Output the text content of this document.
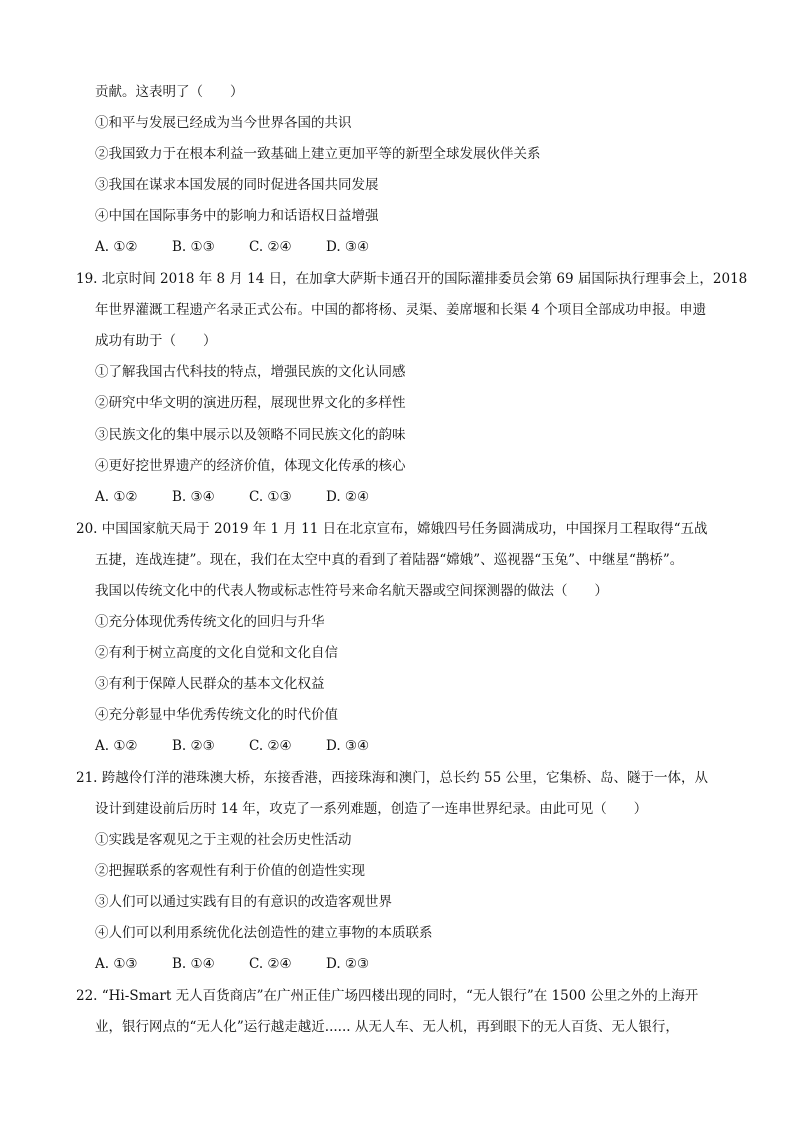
贡献。这表明了（　　）
①和平与发展已经成为当今世界各国的共识
②我国致力于在根本利益一致基础上建立更加平等的新型全球发展伙伴关系
③我国在谋求本国发展的同时促进各国共同发展
④中国在国际事务中的影响力和话语权日益增强
A. ①②	B. ①③	C. ②④	D. ③④
19. 北京时间 2018 年 8 月 14 日，在加拿大萨斯卡通召开的国际灌排委员会第 69 届国际执行理事会上，2018
年世界灌溉工程遗产名录正式公布。中国的都将杨、灵渠、姜席堰和长渠 4 个项目全部成功申报。申遗
成功有助于（　　）
①了解我国古代科技的特点，增强民族的文化认同感
②研究中华文明的演进历程，展现世界文化的多样性
③民族文化的集中展示以及领略不同民族文化的韵味
④更好挖世界遗产的经济价值，体现文化传承的核心
A. ①②	B. ③④	C. ①③	D. ②④
20. 中国国家航天局于 2019 年 1 月 11 日在北京宣布，嫦娥四号任务圆满成功，中国探月工程取得“五战
五捷，连战连捷”。现在，我们在太空中真的看到了着陆器“嫦娥”、巡视器“玉兔”、中继星“鹊桥”。
我国以传统文化中的代表人物或标志性符号来命名航天器或空间探测器的做法（　　）
①充分体现优秀传统文化的回归与升华
②有利于树立高度的文化自觉和文化自信
③有利于保障人民群众的基本文化权益
④充分彰显中华优秀传统文化的时代价值
A. ①②	B. ②③	C. ②④	D. ③④
21. 跨越伶仃洋的港珠澳大桥，东接香港，西接珠海和澳门，总长约 55 公里，它集桥、岛、隧于一体，从
设计到建设前后历时 14 年，攻克了一系列难题，创造了一连串世界纪录。由此可见（　　）
①实践是客观见之于主观的社会历史性活动
②把握联系的客观性有利于价值的创造性实现
③人们可以通过实践有目的有意识的改造客观世界
④人们可以利用系统优化法创造性的建立事物的本质联系
A. ①③	B. ①④	C. ②④	D. ②③
22. “Hi-Smart 无人百货商店”在广州正佳广场四楼出现的同时，“无人银行”在 1500 公里之外的上海开
业，银行网点的“无人化”运行越走越近...... 从无人车、无人机，再到眼下的无人百货、无人银行，
